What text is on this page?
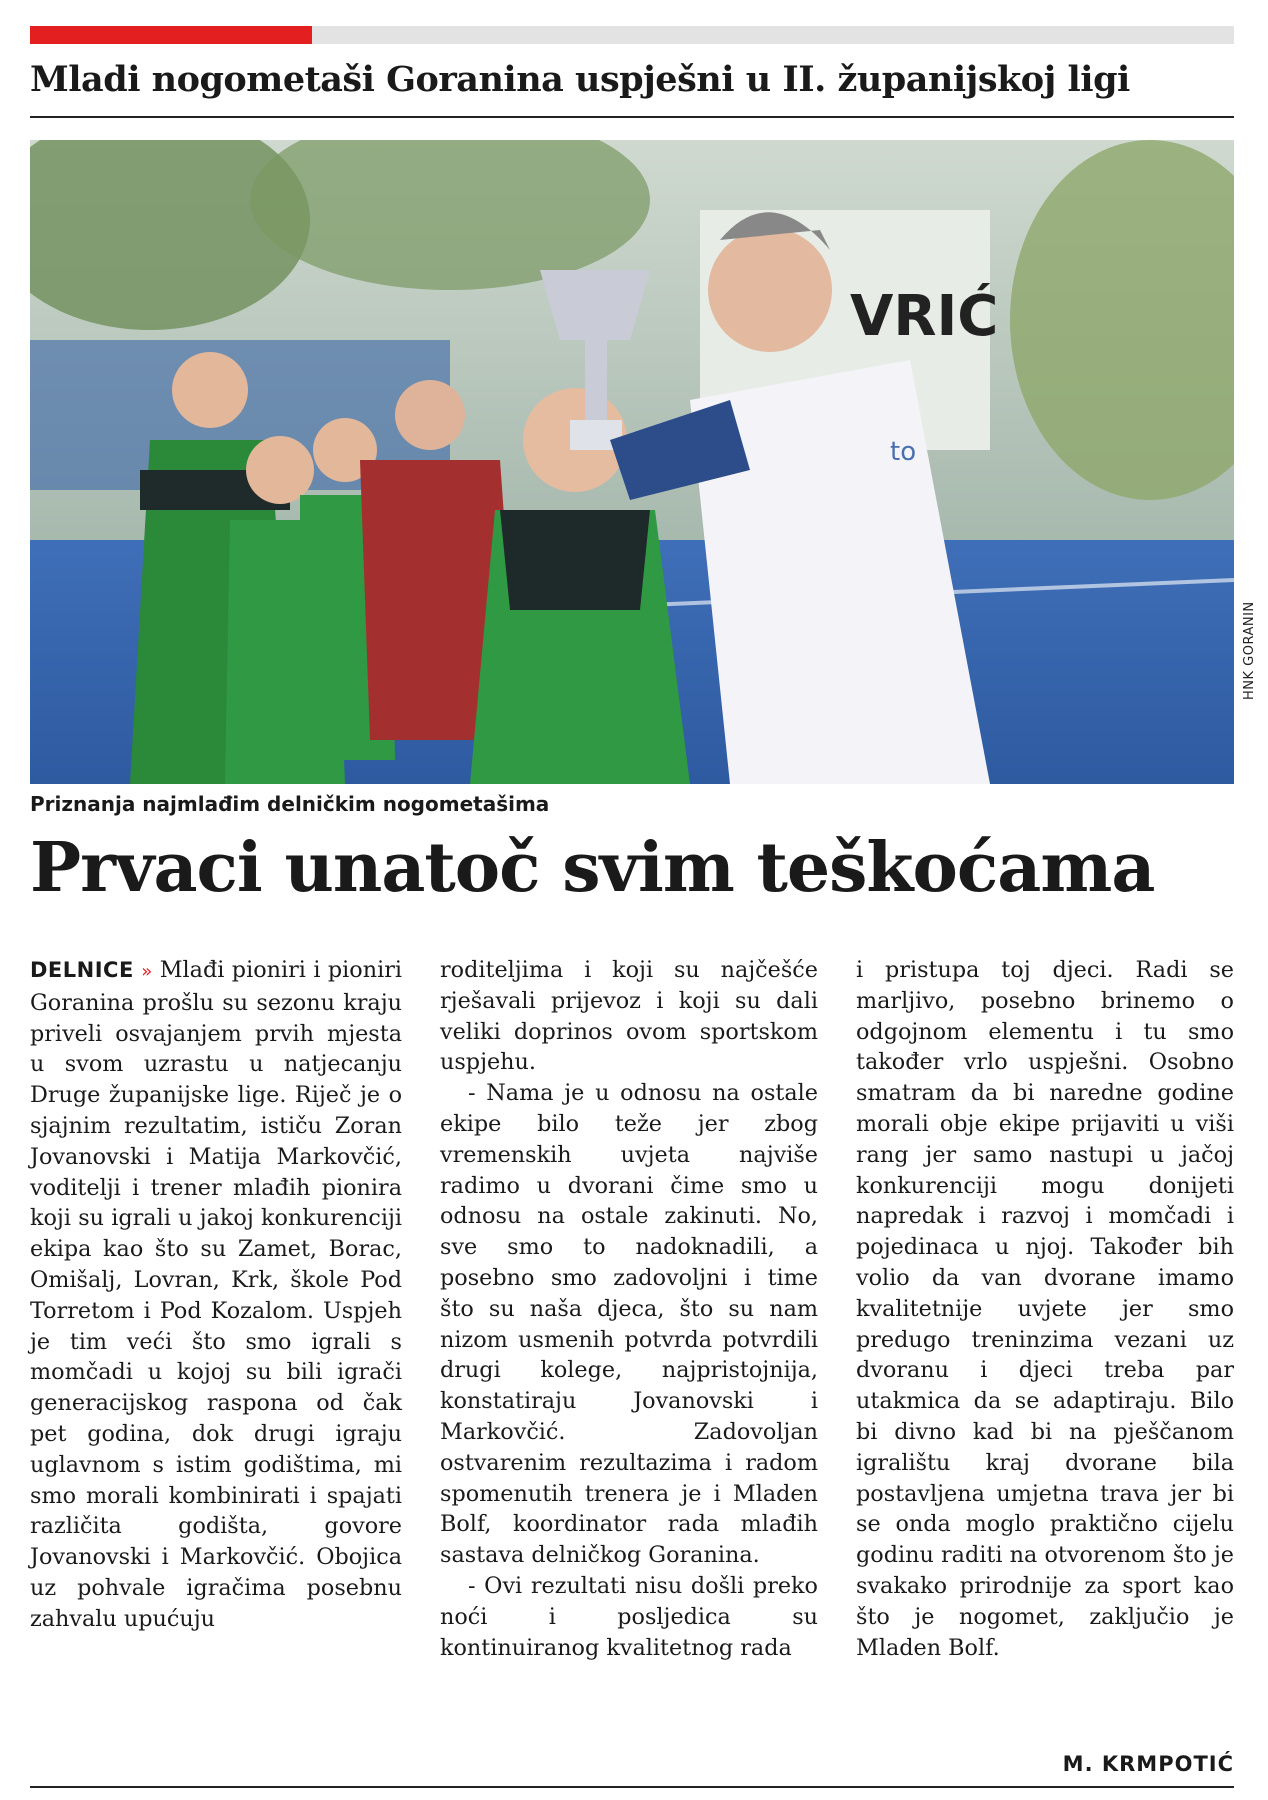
Mladi nogometaši Goranina uspješni u II. županijskoj ligi
VRIĆ
to
HNK GORANIN
Priznanja najmlađim delničkim nogometašima
Prvaci unatoč svim teškoćama

DELNICE » Mlađi pioniri i pioniri Goranina prošlu su sezonu kraju priveli osvajanjem prvih mjesta u svom uzrastu u natjecanju Druge županijske lige. Riječ je o sjajnim rezultatim, ističu Zoran Jovanovski i Matija Markovčić, voditelji i trener mlađih pionira koji su igrali u jakoj konkurenciji ekipa kao što su Zamet, Borac, Omišalj, Lovran, Krk, škole Pod Torretom i Pod Kozalom. Uspjeh je tim veći što smo igrali s momčadi u kojoj su bili igrači generacijskog raspona od čak pet godina, dok drugi igraju uglavnom s istim godištima, mi smo morali kombinirati i spajati različita godišta, govore Jovanovski i Markovčić. Obojica uz pohvale igračima posebnu zahvalu upućuju

roditeljima i koji su najčešće rješavali prijevoz i koji su dali veliki doprinos ovom sportskom uspjehu.

- Nama je u odnosu na ostale ekipe bilo teže jer zbog vremenskih uvjeta najviše radimo u dvorani čime smo u odnosu na ostale zakinuti. No, sve smo to nadoknadili, a posebno smo zadovoljni i time što su naša djeca, što su nam nizom usmenih potvrda potvrdili drugi kolege, najpristojnija, konstatiraju Jovanovski i Markovčić. Zadovoljan ostvarenim rezultazima i radom spomenutih trenera je i Mladen Bolf, koordinator rada mlađih sastava delničkog Goranina.

- Ovi rezultati nisu došli preko noći i posljedica su kontinuiranog kvalitetnog rada

i pristupa toj djeci. Radi se marljivo, posebno brinemo o odgojnom elementu i tu smo također vrlo uspješni. Osobno smatram da bi naredne godine morali obje ekipe prijaviti u viši rang jer samo nastupi u jačoj konkurenciji mogu donijeti napredak i razvoj i momčadi i pojedinaca u njoj. Također bih volio da van dvorane imamo kvalitetnije uvjete jer smo predugo treninzima vezani uz dvoranu i djeci treba par utakmica da se adaptiraju. Bilo bi divno kad bi na pješčanom igralištu kraj dvorane bila postavljena umjetna trava jer bi se onda moglo praktično cijelu godinu raditi na otvorenom što je svakako prirodnije za sport kao što je nogomet, zaključio je Mladen Bolf.

M. KRMPOTIĆ
